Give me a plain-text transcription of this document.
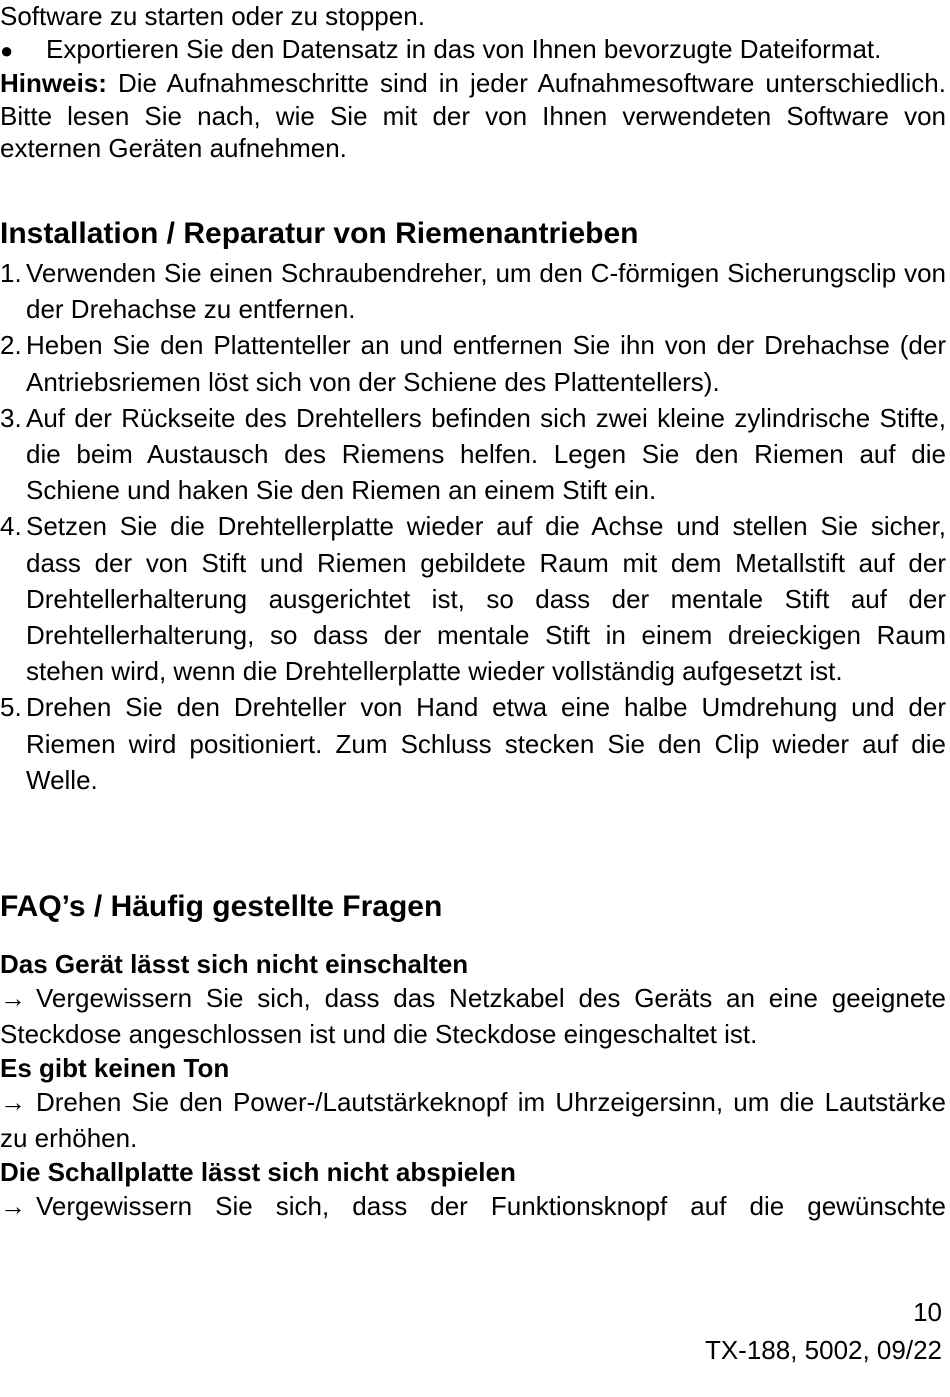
Software zu starten oder zu stoppen.

● Exportieren Sie den Datensatz in das von Ihnen bevorzugte Dateiformat.

Hinweis: Die Aufnahmeschritte sind in jeder Aufnahmesoftware unterschiedlich. Bitte lesen Sie nach, wie Sie mit der von Ihnen verwendeten Software von externen Geräten aufnehmen.

Installation / Reparatur von Riemenantrieben
1. Verwenden Sie einen Schraubendreher, um den C-förmigen Sicherungsclip von der Drehachse zu entfernen.
2. Heben Sie den Plattenteller an und entfernen Sie ihn von der Drehachse (der Antriebsriemen löst sich von der Schiene des Plattentellers).
3. Auf der Rückseite des Drehtellers befinden sich zwei kleine zylindrische Stifte, die beim Austausch des Riemens helfen. Legen Sie den Riemen auf die Schiene und haken Sie den Riemen an einem Stift ein.
4. Setzen Sie die Drehtellerplatte wieder auf die Achse und stellen Sie sicher, dass der von Stift und Riemen gebildete Raum mit dem Metallstift auf der Drehtellerhalterung ausgerichtet ist, so dass der mentale Stift auf der Drehtellerhalterung, so dass der mentale Stift in einem dreieckigen Raum stehen wird, wenn die Drehtellerplatte wieder vollständig aufgesetzt ist.
5. Drehen Sie den Drehteller von Hand etwa eine halbe Umdrehung und der Riemen wird positioniert. Zum Schluss stecken Sie den Clip wieder auf die Welle.
FAQ’s / Häufig gestellte Fragen
Das Gerät lässt sich nicht einschalten

→ Vergewissern Sie sich, dass das Netzkabel des Geräts an eine geeignete Steckdose angeschlossen ist und die Steckdose eingeschaltet ist.

Es gibt keinen Ton

→ Drehen Sie den Power-/Lautstärkeknopf im Uhrzeigersinn, um die Lautstärke zu erhöhen.

Die Schallplatte lässt sich nicht abspielen

→ Vergewissern Sie sich, dass der Funktionsknopf auf die gewünschte

10
TX-188, 5002, 09/22
